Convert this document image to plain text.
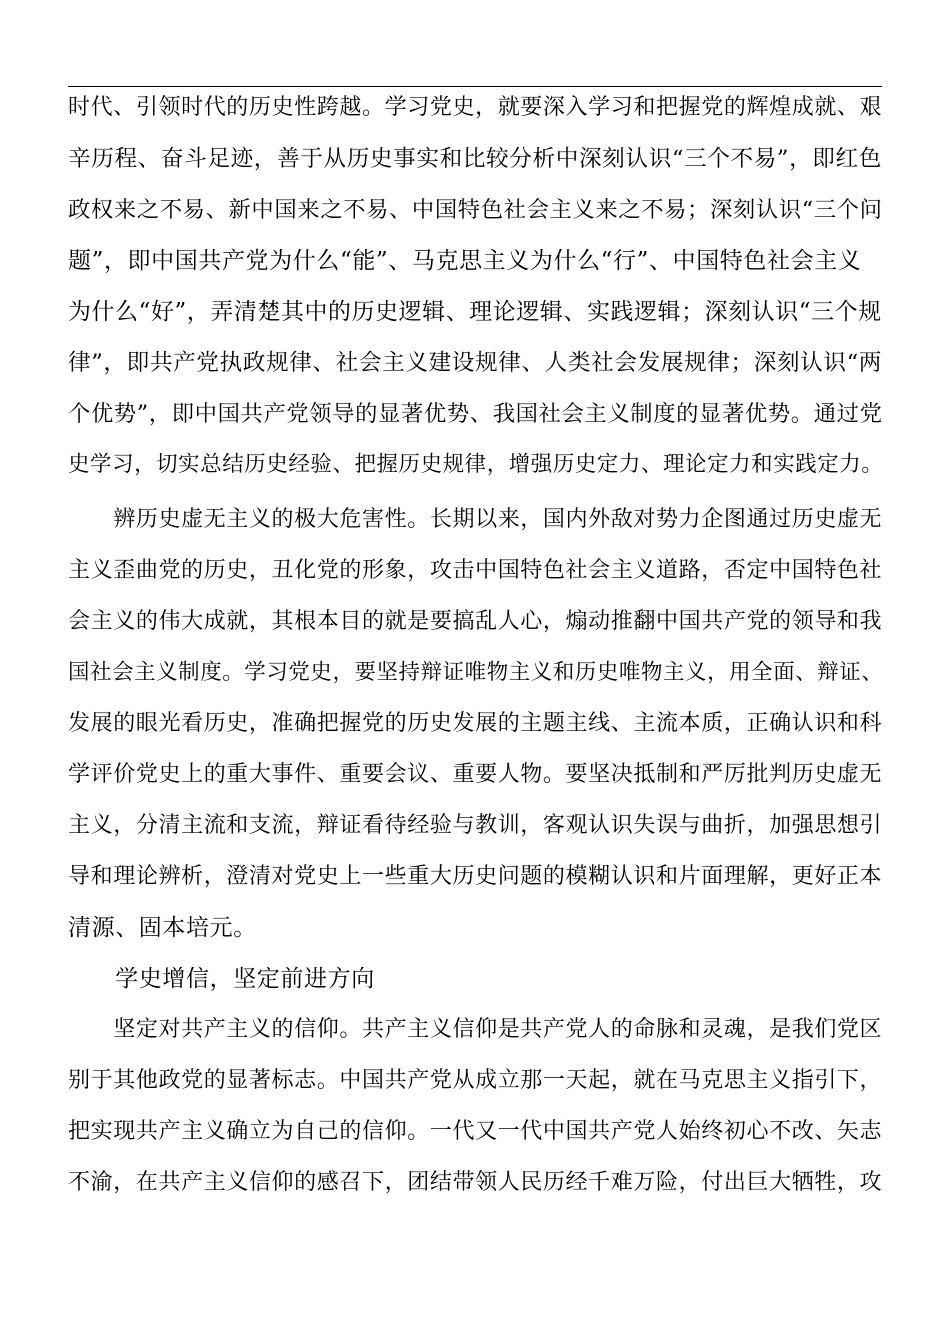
时代、引领时代的历史性跨越。学习党史，就要深入学习和把握党的辉煌成就、艰
辛历程、奋斗足迹，善于从历史事实和比较分析中深刻认识“三个不易”，即红色
政权来之不易、新中国来之不易、中国特色社会主义来之不易；深刻认识“三个问
题”，即中国共产党为什么“能”、马克思主义为什么“行”、中国特色社会主义
为什么“好”，弄清楚其中的历史逻辑、理论逻辑、实践逻辑；深刻认识“三个规
律”，即共产党执政规律、社会主义建设规律、人类社会发展规律；深刻认识“两
个优势”，即中国共产党领导的显著优势、我国社会主义制度的显著优势。通过党
史学习，切实总结历史经验、把握历史规律，增强历史定力、理论定力和实践定力。
　　辨历史虚无主义的极大危害性。长期以来，国内外敌对势力企图通过历史虚无
主义歪曲党的历史，丑化党的形象，攻击中国特色社会主义道路，否定中国特色社
会主义的伟大成就，其根本目的就是要搞乱人心，煽动推翻中国共产党的领导和我
国社会主义制度。学习党史，要坚持辩证唯物主义和历史唯物主义，用全面、辩证、
发展的眼光看历史，准确把握党的历史发展的主题主线、主流本质，正确认识和科
学评价党史上的重大事件、重要会议、重要人物。要坚决抵制和严厉批判历史虚无
主义，分清主流和支流，辩证看待经验与教训，客观认识失误与曲折，加强思想引
导和理论辨析，澄清对党史上一些重大历史问题的模糊认识和片面理解，更好正本
清源、固本培元。
　　学史增信，坚定前进方向
　　坚定对共产主义的信仰。共产主义信仰是共产党人的命脉和灵魂，是我们党区
别于其他政党的显著标志。中国共产党从成立那一天起，就在马克思主义指引下，
把实现共产主义确立为自己的信仰。一代又一代中国共产党人始终初心不改、矢志
不渝，在共产主义信仰的感召下，团结带领人民历经千难万险，付出巨大牺牲，攻
